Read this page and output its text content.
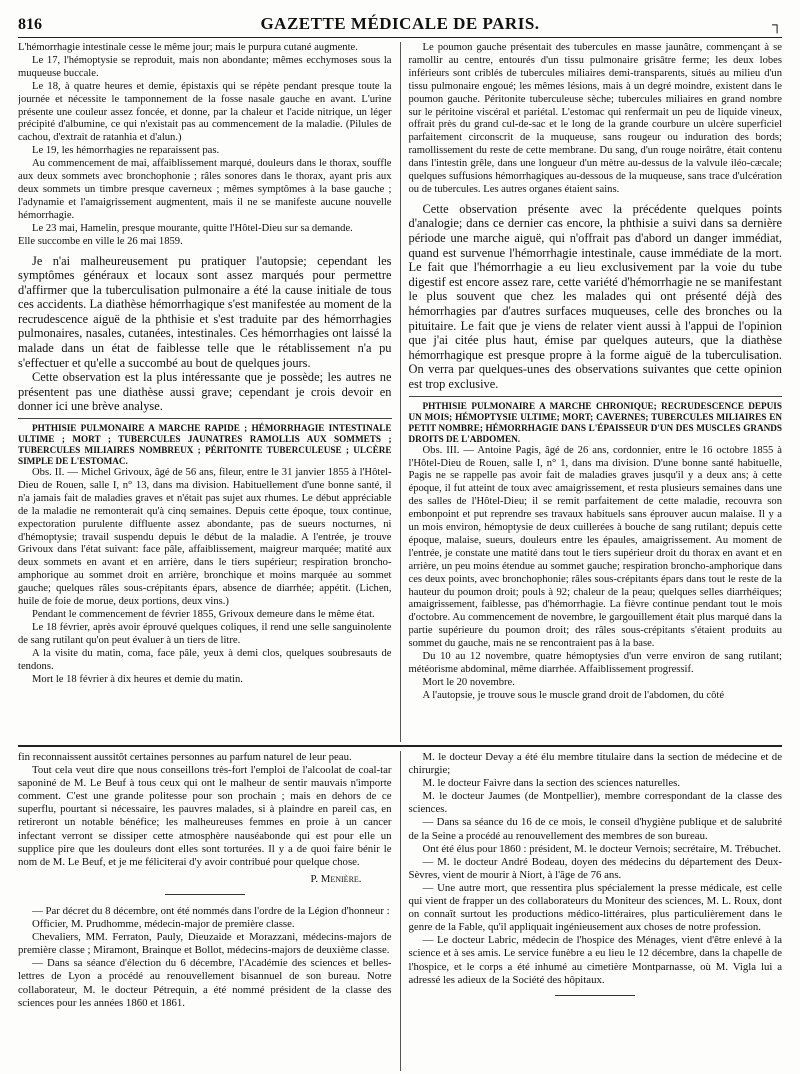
816	GAZETTE MÉDICALE DE PARIS.	┐

L'hémorrhagie intestinale cesse le même jour; mais le purpura cutané augmente.

Le 17, l'hémoptysie se reproduit, mais non abondante; mêmes ecchymoses sous la muqueuse buccale.

Le 18, à quatre heures et demie, épistaxis qui se répète pendant presque toute la journée et nécessite le tamponnement de la fosse nasale gauche en avant. L'urine présente une couleur assez foncée, et donne, par la chaleur et l'acide nitrique, un léger précipité d'albumine, ce qui n'existait pas au commencement de la maladie. (Pilules de cachou, d'extrait de ratanhia et d'alun.)

Le 19, les hémorrhagies ne reparaissent pas.

Au commencement de mai, affaiblissement marqué, douleurs dans le thorax, souffle aux deux sommets avec bronchophonie ; râles sonores dans le thorax, ayant pris aux deux sommets un timbre presque caverneux ; mêmes symptômes à la base gauche ; l'adynamie et l'amaigrissement augmentent, mais il ne se manifeste aucune nouvelle hémorrhagie.

Le 23 mai, Hamelin, presque mourante, quitte l'Hôtel-Dieu sur sa demande.

Elle succombe en ville le 26 mai 1859.

Je n'ai malheureusement pu pratiquer l'autopsie; cependant les symptômes généraux et locaux sont assez marqués pour permettre d'affirmer que la tuberculisation pulmonaire a été la cause initiale de tous ces accidents. La diathèse hémorrhagique s'est manifestée au moment de la recrudescence aiguë de la phthisie et s'est traduite par des hémorrhagies pulmonaires, nasales, cutanées, intestinales. Ces hémorrhagies ont laissé la malade dans un état de faiblesse telle que le rétablissement n'a pu s'effectuer et qu'elle a succombé au bout de quelques jours.

Cette observation est la plus intéressante que je possède; les autres ne présentent pas une diathèse aussi grave; cependant je crois devoir en donner ici une brève analyse.

PHTHISIE PULMONAIRE A MARCHE RAPIDE ; HÉMORRHAGIE INTESTINALE ULTIME ; MORT ; TUBERCULES JAUNATRES RAMOLLIS AUX SOMMETS ; TUBERCULES MILIAIRES NOMBREUX ; PÉRITONITE TUBERCULEUSE ; ULCÈRE SIMPLE DE L'ESTOMAC.

Obs. II. — Michel Grivoux, âgé de 56 ans, fileur, entre le 31 janvier 1855 à l'Hôtel-Dieu de Rouen, salle I, n° 13, dans ma division. Habituellement d'une bonne santé, il n'a jamais fait de maladies graves et n'était pas sujet aux rhumes. Le début appréciable de la maladie ne remonterait qu'à cinq semaines. Depuis cette époque, toux continue, expectoration purulente diffluente assez abondante, pas de sueurs nocturnes, ni d'hémoptysie; travail suspendu depuis le début de la maladie. A l'entrée, je trouve Grivoux dans l'état suivant: face pâle, affaiblissement, maigreur marquée; matité aux deux sommets en avant et en arrière, dans le tiers supérieur; respiration broncho-amphorique au sommet droit en arrière, bronchique et moins marquée au sommet gauche; quelques râles sous-crépitants épars, absence de diarrhée; appétit. (Lichen, huile de foie de morue, deux portions, deux vins.)

Pendant le commencement de février 1855, Grivoux demeure dans le même état.

Le 18 février, après avoir éprouvé quelques coliques, il rend une selle sanguinolente de sang rutilant qu'on peut évaluer à un tiers de litre.

A la visite du matin, coma, face pâle, yeux à demi clos, quelques soubresauts de tendons.

Mort le 18 février à dix heures et demie du matin.

Le poumon gauche présentait des tubercules en masse jaunâtre, commençant à se ramollir au centre, entourés d'un tissu pulmonaire grisâtre ferme; les deux lobes inférieurs sont criblés de tubercules miliaires demi-transparents, situés au milieu d'un tissu pulmonaire engoué; les mêmes lésions, mais à un degré moindre, existent dans le poumon gauche. Péritonite tuberculeuse sèche; tubercules miliaires en grand nombre sur le péritoine viscéral et pariétal. L'estomac qui renfermait un peu de liquide vineux, offrait près du grand cul-de-sac et le long de la grande courbure un ulcère superficiel parfaitement circonscrit de la muqueuse, sans rougeur ou induration des bords; ramollissement du reste de cette membrane. Du sang, d'un rouge noirâtre, était contenu dans l'intestin grêle, dans une longueur d'un mètre au-dessus de la valvule iléo-cæcale; quelques suffusions hémorrhagiques au-dessous de la muqueuse, sans trace d'ulcération ou de tubercules. Les autres organes étaient sains.

Cette observation présente avec la précédente quelques points d'analogie; dans ce dernier cas encore, la phthisie a suivi dans sa dernière période une marche aiguë, qui n'offrait pas d'abord un danger immédiat, quand est survenue l'hémorrhagie intestinale, cause immédiate de la mort. Le fait que l'hémorrhagie a eu lieu exclusivement par la voie du tube digestif est encore assez rare, cette variété d'hémorrhagie ne se manifestant le plus souvent que chez les malades qui ont présenté déjà des hémorrhagies par d'autres surfaces muqueuses, celle des bronches ou la pituitaire. Le fait que je viens de relater vient aussi à l'appui de l'opinion que j'ai citée plus haut, émise par quelques auteurs, que la diathèse hémorrhagique est presque propre à la forme aiguë de la tuberculisation. On verra par quelques-unes des observations suivantes que cette opinion est trop exclusive.

PHTHISIE PULMONAIRE A MARCHE CHRONIQUE; RECRUDESCENCE DEPUIS UN MOIS; HÉMOPTYSIE ULTIME; MORT; CAVERNES; TUBERCULES MILIAIRES EN PETIT NOMBRE; HÉMORRHAGIE DANS L'ÉPAISSEUR D'UN DES MUSCLES GRANDS DROITS DE L'ABDOMEN.

Obs. III. — Antoine Pagis, âgé de 26 ans, cordonnier, entre le 16 octobre 1855 à l'Hôtel-Dieu de Rouen, salle I, n° 1, dans ma division. D'une bonne santé habituelle, Pagis ne se rappelle pas avoir fait de maladies graves jusqu'il y a deux ans; à cette époque, il fut atteint de toux avec amaigrissement, et resta plusieurs semaines dans une des salles de l'Hôtel-Dieu; il se remit parfaitement de cette maladie, recouvra son embonpoint et put reprendre ses travaux habituels sans éprouver aucun malaise. Il y a un mois environ, hémoptysie de deux cuillerées à bouche de sang rutilant; depuis cette époque, malaise, sueurs, douleurs entre les épaules, amaigrissement. Au moment de l'entrée, je constate une matité dans tout le tiers supérieur droit du thorax en avant et en arrière, un peu moins étendue au sommet gauche; respiration broncho-amphorique dans ces deux points, avec bronchophonie; râles sous-crépitants épars dans tout le reste de la hauteur du poumon droit; pouls à 92; chaleur de la peau; quelques selles diarrhéiques; amaigrissement, faiblesse, pas d'hémorrhagie. La fièvre continue pendant tout le mois d'octobre. Au commencement de novembre, le gargouillement était plus marqué dans la partie supérieure du poumon droit; des râles sous-crépitants s'étaient produits au sommet du gauche, mais ne se rencontraient pas à la base.

Du 10 au 12 novembre, quatre hémoptysies d'un verre environ de sang rutilant; météorisme abdominal, même diarrhée. Affaiblissement progressif.

Mort le 20 novembre.

A l'autopsie, je trouve sous le muscle grand droit de l'abdomen, du côté

fin reconnaissent aussitôt certaines personnes au parfum naturel de leur peau.

Tout cela veut dire que nous conseillons très-fort l'emploi de l'alcoolat de coal-tar saponiné de M. Le Beuf à tous ceux qui ont le malheur de sentir mauvais n'importe comment. C'est une grande politesse pour son prochain ; mais en dehors de ce superflu, pourtant si nécessaire, les pauvres malades, si à plaindre en pareil cas, en retireront un notable bénéfice; les malheureuses femmes en proie à un cancer infectant verront se dissiper cette atmosphère nauséabonde qui est pour elle un supplice pire que les douleurs dont elles sont torturées. Il y a de quoi faire bénir le nom de M. Le Beuf, et je me féliciterai d'y avoir contribué pour quelque chose.

P. Menière.

— Par décret du 8 décembre, ont été nommés dans l'ordre de la Légion d'honneur :

Officier, M. Prudhomme, médecin-major de première classe.

Chevaliers, MM. Ferraton, Pauly, Dieuzaide et Morazzani, médecins-majors de première classe ; Miramont, Brainque et Bollot, médecins-majors de deuxième classe.

— Dans sa séance d'élection du 6 décembre, l'Académie des sciences et belles-lettres de Lyon a procédé au renouvellement bisannuel de son bureau. Notre collaborateur, M. le docteur Pétrequin, a été nommé président de la classe des sciences pour les années 1860 et 1861.

M. le docteur Devay a été élu membre titulaire dans la section de médecine et de chirurgie;

M. le docteur Faivre dans la section des sciences naturelles.

M. le docteur Jaumes (de Montpellier), membre correspondant de la classe des sciences.

— Dans sa séance du 16 de ce mois, le conseil d'hygiène publique et de salubrité de la Seine a procédé au renouvellement des membres de son bureau.

Ont été élus pour 1860 : président, M. le docteur Vernois; secrétaire, M. Trébuchet.

— M. le docteur André Bodeau, doyen des médecins du département des Deux-Sèvres, vient de mourir à Niort, à l'âge de 76 ans.

— Une autre mort, que ressentira plus spécialement la presse médicale, est celle qui vient de frapper un des collaborateurs du Moniteur des sciences, M. L. Roux, dont on connaît surtout les productions médico-littéraires, plus particulièrement dans le genre de la Fable, qu'il appliquait ingénieusement aux choses de notre profession.

— Le docteur Labric, médecin de l'hospice des Ménages, vient d'être enlevé à la science et à ses amis. Le service funèbre a eu lieu le 12 décembre, dans la chapelle de l'hospice, et le corps a été inhumé au cimetière Montparnasse, où M. Vigla lui a adressé les adieux de la Société des hôpitaux.
